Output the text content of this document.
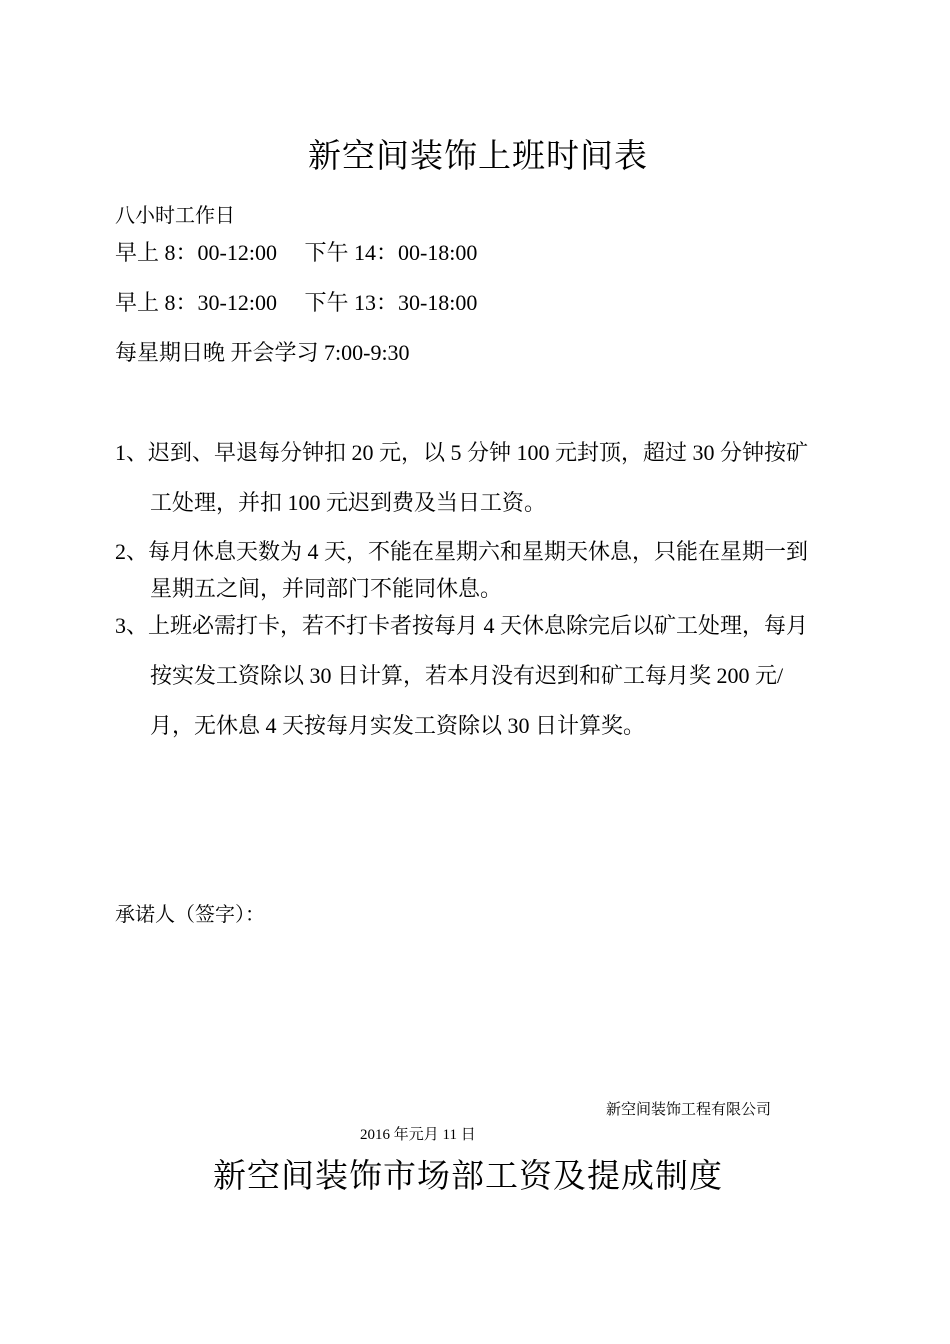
新空间装饰上班时间表
八小时工作日
早上 8：00-12:00　 下午 14：00-18:00
早上 8：30-12:00　 下午 13：30-18:00
每星期日晚 开会学习 7:00-9:30
1、迟到、早退每分钟扣 20 元，以 5 分钟 100 元封顶，超过 30 分钟按矿
工处理，并扣 100 元迟到费及当日工资。
2、每月休息天数为 4 天，不能在星期六和星期天休息，只能在星期一到
星期五之间，并同部门不能同休息。
3、上班必需打卡，若不打卡者按每月 4 天休息除完后以矿工处理，每月
按实发工资除以 30 日计算，若本月没有迟到和矿工每月奖 200 元/
月，无休息 4 天按每月实发工资除以 30 日计算奖。
承诺人（签字）：
新空间装饰工程有限公司
2016 年元月 11 日
新空间装饰市场部工资及提成制度
